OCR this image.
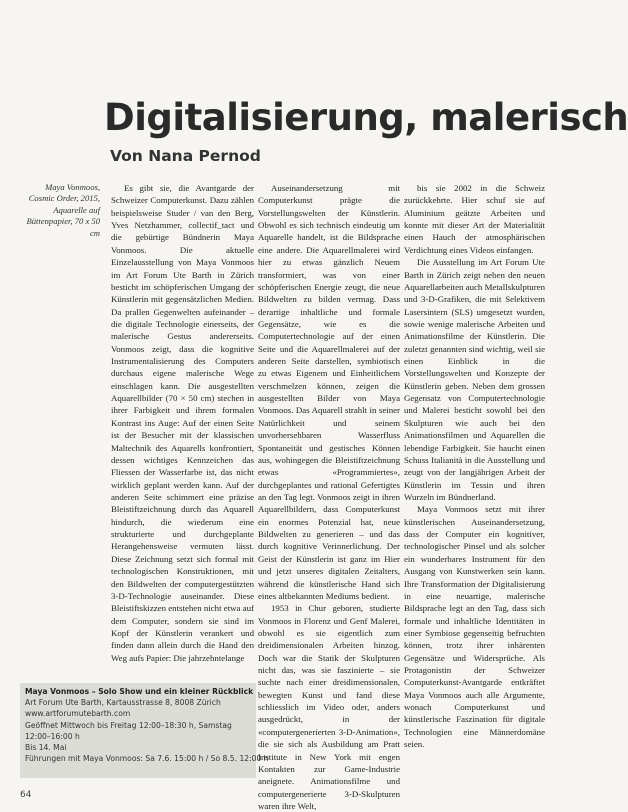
Digitalisierung, malerisch
Von Nana Pernod
Maya Vonmoos, Cosmic Order, 2015, Aquarelle auf Büttenpapier, 70 x 50 cm

Es gibt sie, die Avantgarde der Schweizer Computerkunst. Dazu zählen beispielsweise Studer / van den Berg, Yves Netzhammer, collectif_tact und die gebürtige Bündnerin Maya Vonmoos. Die aktuelle Einzelausstellung von Maya Vonmoos im Art Forum Ute Barth in Zürich besticht im schöpferischen Umgang der Künstlerin mit gegensätzlichen Medien. Da prallen Gegenwelten aufeinander – die digitale Technologie einerseits, der malerische Gestus andererseits. Vonmoos zeigt, dass die kognitive Instrumentalisierung des Computers durchaus eigene malerische Wege einschlagen kann. Die ausgestellten Aquarellbilder (70 × 50 cm) stechen in ihrer Farbigkeit und ihrem formalen Kontrast ins Auge: Auf der einen Seite ist der Besucher mit der klassischen Maltechnik des Aquarells konfrontiert, dessen wichtiges Kennzeichen das Fliessen der Wasserfarbe ist, das nicht wirklich geplant werden kann. Auf der anderen Seite schimmert eine präzise Bleistiftzeichnung durch das Aquarell hindurch, die wiederum eine strukturierte und durchgeplante Herangehensweise vermuten lässt. Diese Zeichnung setzt sich formal mit technologischen Konstruktionen, mit den Bildwelten der computergestützten 3-D-Technologie auseinander. Diese Bleistiftskizzen entstehen nicht etwa auf dem Computer, sondern sie sind im Kopf der Künstlerin verankert und finden dann allein durch die Hand den Weg aufs Papier: Die jahrzehntelange

Auseinandersetzung mit Computerkunst prägte die Vorstellungswelten der Künstlerin. Obwohl es sich technisch eindeutig um Aquarelle handelt, ist die Bildsprache eine andere. Die Aquarellmalerei wird hier zu etwas gänzlich Neuem transformiert, was von einer schöpferischen Energie zeugt, die neue Bildwelten zu bilden vermag. Dass derartige inhaltliche und formale Gegensätze, wie es die Computertechnologie auf der einen Seite und die Aquarellmalerei auf der anderen Seite darstellen, symbiotisch zu etwas Eigenem und Einheitlichem verschmelzen können, zeigen die ausgestellten Bilder von Maya Vonmoos. Das Aquarell strahlt in seiner Natürlichkeit und seinem unvorhersehbaren Wasserfluss Spontaneität und gestisches Können aus, wohingegen die Bleistiftzeichnung etwas «Programmiertes», durchgeplantes und rational Gefertigtes an den Tag legt. Vonmoos zeigt in ihren Aquarellbildern, dass Computerkunst ein enormes Potenzial hat, neue Bildwelten zu generieren – und das durch kognitive Verinnerlichung. Der Geist der Künstlerin ist ganz im Hier und jetzt unseres digitalen Zeitalters, während die künstlerische Hand sich eines altbekannten Mediums bedient.

1953 in Chur geboren, studierte Vonmoos in Florenz und Genf Malerei, obwohl es sie eigentlich zum dreidimensionalen Arbeiten hinzog. Doch war die Statik der Skulpturen nicht das, was sie faszinierte – sie suchte nach einer dreidimensionalen, bewegten Kunst und fand diese schliesslich im Video oder, anders ausgedrückt, in der «computergenerierten 3-D-Animation», die sie sich als Ausbildung am Pratt Institute in New York mit engen Kontakten zur Game-Industrie aneignete. Animationsfilme und computergenerierte 3-D-Skulpturen waren ihre Welt,

bis sie 2002 in die Schweiz zurückkehrte. Hier schuf sie auf Aluminium geätzte Arbeiten und konnte mit dieser Art der Materialität einen Hauch der atmosphärischen Verdichtung eines Videos einfangen.

Die Ausstellung im Art Forum Ute Barth in Zürich zeigt neben den neuen Aquarellarbeiten auch Metallskulpturen und 3-D-Grafiken, die mit Selektivem Lasersintern (SLS) umgesetzt wurden, sowie wenige malerische Arbeiten und Animationsfilme der Künstlerin. Die zuletzt genannten sind wichtig, weil sie einen Einblick in die Vorstellungswelten und Konzepte der Künstlerin geben. Neben dem grossen Gegensatz von Computertechnologie und Malerei besticht sowohl bei den Skulpturen wie auch bei den Animationsfilmen und Aquarellen die lebendige Farbigkeit. Sie haucht einen Schuss Italianità in die Ausstellung und zeugt von der langjährigen Arbeit der Künstlerin im Tessin und ihren Wurzeln im Bündnerland.

Maya Vonmoos setzt mit ihrer künstlerischen Auseinandersetzung, dass der Computer ein kognitiver, technologischer Pinsel und als solcher ein wunderbares Instrument für den Ausgang von Kunstwerken sein kann. Ihre Transformation der Digitalisierung in eine neuartige, malerische Bildsprache legt an den Tag, dass sich formale und inhaltliche Identitäten in einer Symbiose gegenseitig befruchten können, trotz ihrer inhärenten Gegensätze und Widersprüche. Als Protagonistin der Schweizer Computerkunst-Avantgarde entkräftet Maya Vonmoos auch alle Argumente, wonach Computerkunst und künstlerische Faszination für digitale Technologien eine Männerdomäne seien.

Maya Vonmoos – Solo Show und ein kleiner Rückblick
Art Forum Ute Barth, Kartausstrasse 8, 8008 Zürich
www.artforumutebarth.com
Geöffnet Mittwoch bis Freitag 12:00–18:30 h, Samstag
12:00–16:00 h
Bis 14. Mai
Führungen mit Maya Vonmoos: Sa 7.6. 15:00 h / So 8.5. 12:00 h
64
